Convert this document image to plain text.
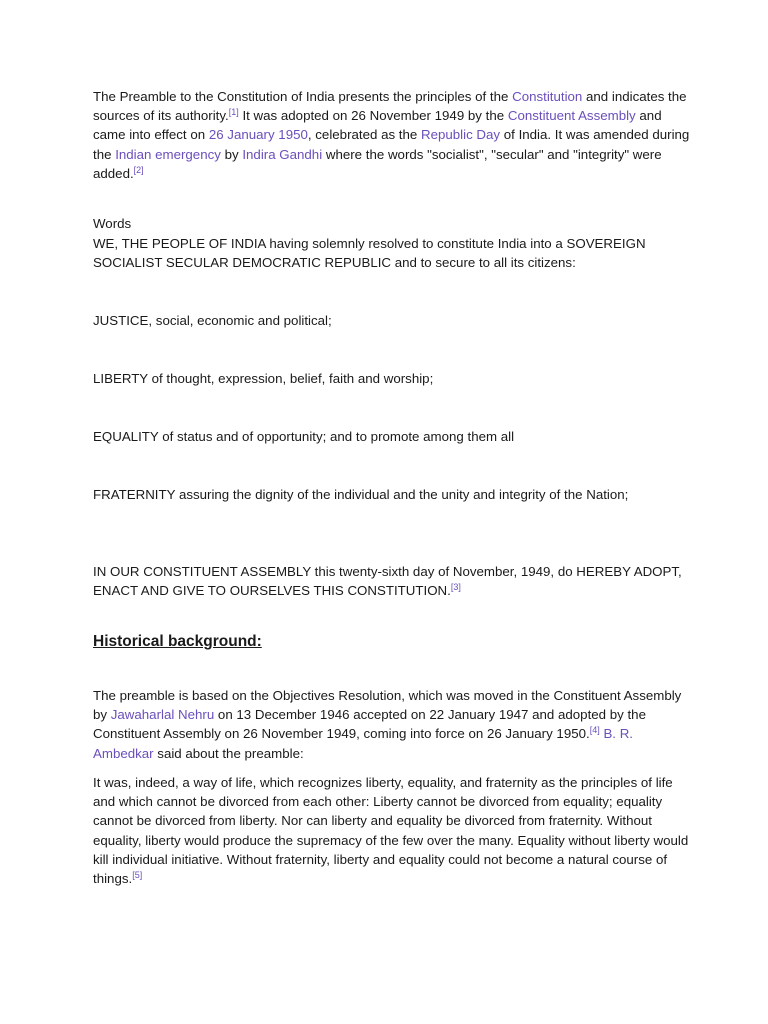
The Preamble to the Constitution of India presents the principles of the Constitution and indicates the sources of its authority.[1] It was adopted on 26 November 1949 by the Constituent Assembly and came into effect on 26 January 1950, celebrated as the Republic Day of India. It was amended during the Indian emergency by Indira Gandhi where the words "socialist", "secular" and "integrity" were added.[2]

Words

WE, THE PEOPLE OF INDIA having solemnly resolved to constitute India into a SOVEREIGN SOCIALIST SECULAR DEMOCRATIC REPUBLIC and to secure to all its citizens:

JUSTICE, social, economic and political;

LIBERTY of thought, expression, belief, faith and worship;

EQUALITY of status and of opportunity; and to promote among them all

FRATERNITY assuring the dignity of the individual and the unity and integrity of the Nation;

IN OUR CONSTITUENT ASSEMBLY this twenty-sixth day of November, 1949, do HEREBY ADOPT, ENACT AND GIVE TO OURSELVES THIS CONSTITUTION.[3]

Historical background:

The preamble is based on the Objectives Resolution, which was moved in the Constituent Assembly by Jawaharlal Nehru on 13 December 1946 accepted on 22 January 1947 and adopted by the Constituent Assembly on 26 November 1949, coming into force on 26 January 1950.[4] B. R. Ambedkar said about the preamble:

It was, indeed, a way of life, which recognizes liberty, equality, and fraternity as the principles of life and which cannot be divorced from each other: Liberty cannot be divorced from equality; equality cannot be divorced from liberty. Nor can liberty and equality be divorced from fraternity. Without equality, liberty would produce the supremacy of the few over the many. Equality without liberty would kill individual initiative. Without fraternity, liberty and equality could not become a natural course of things.[5]
